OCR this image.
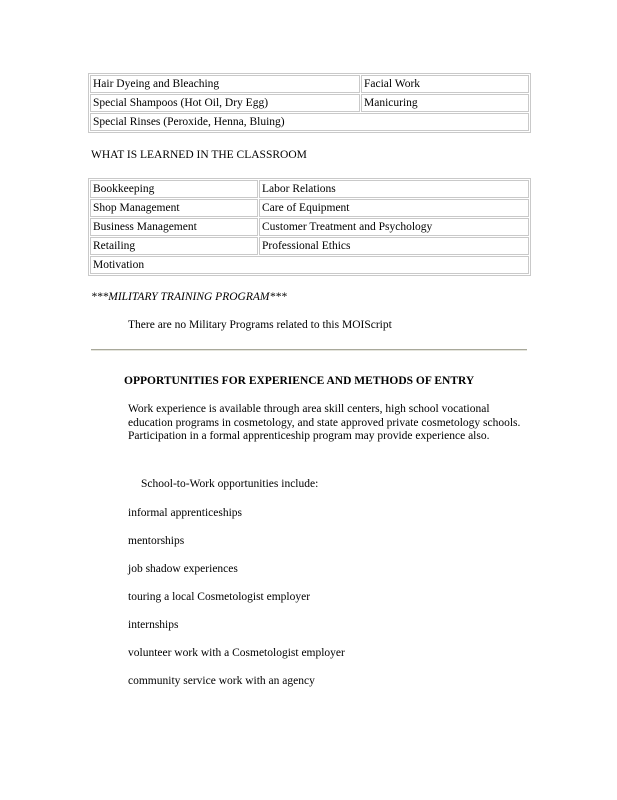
Hair Dyeing and Bleaching	Facial Work
Special Shampoos (Hot Oil, Dry Egg)	Manicuring
Special Rinses (Peroxide, Henna, Bluing)	
WHAT IS LEARNED IN THE CLASSROOM
Bookkeeping	Labor Relations
Shop Management	Care of Equipment
Business Management	Customer Treatment and Psychology
Retailing	Professional Ethics
Motivation	
***MILITARY TRAINING PROGRAM***
There are no Military Programs related to this MOIScript
OPPORTUNITIES FOR EXPERIENCE AND METHODS OF ENTRY

Work experience is available through area skill centers, high school vocational education programs in cosmetology, and state approved private cosmetology schools. Participation in a formal apprenticeship program may provide experience also.

School-to-Work opportunities include:
informal apprenticeships
mentorships
job shadow experiences
touring a local Cosmetologist employer
internships
volunteer work with a Cosmetologist employer
community service work with an agency
